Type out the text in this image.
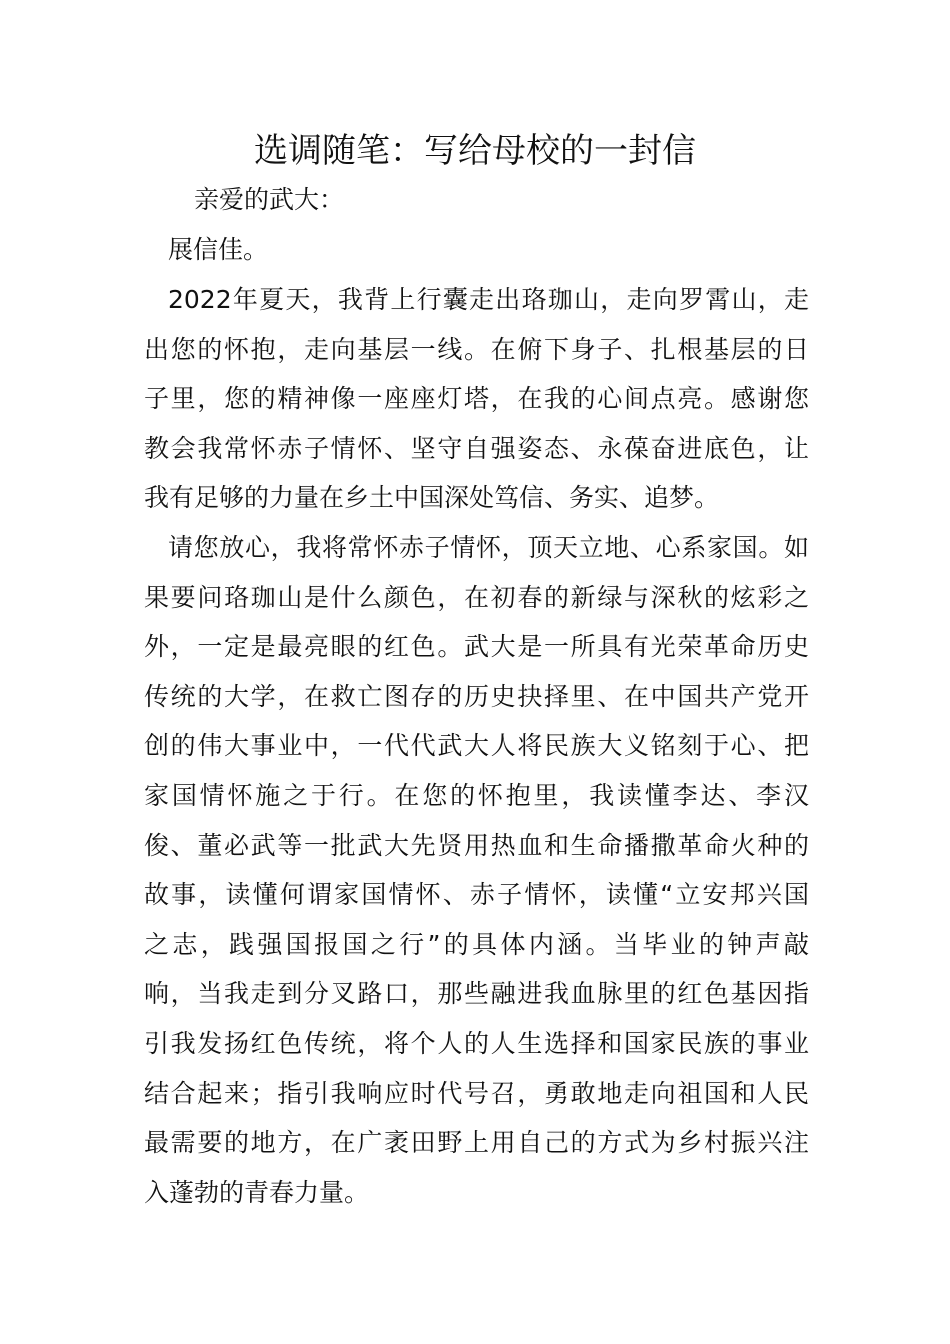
选调随笔：写给母校的一封信
亲爱的武大：
展信佳。
2022年夏天，我背上行囊走出珞珈山，走向罗霄山，走
出您的怀抱，走向基层一线。在俯下身子、扎根基层的日
子里，您的精神像一座座灯塔，在我的心间点亮。感谢您
教会我常怀赤子情怀、坚守自强姿态、永葆奋进底色，让
我有足够的力量在乡土中国深处笃信、务实、追梦。
请您放心，我将常怀赤子情怀，顶天立地、心系家国。如
果要问珞珈山是什么颜色，在初春的新绿与深秋的炫彩之
外，一定是最亮眼的红色。武大是一所具有光荣革命历史
传统的大学，在救亡图存的历史抉择里、在中国共产党开
创的伟大事业中，一代代武大人将民族大义铭刻于心、把
家国情怀施之于行。在您的怀抱里，我读懂李达、李汉
俊、董必武等一批武大先贤用热血和生命播撒革命火种的
故事，读懂何谓家国情怀、赤子情怀，读懂“立安邦兴国
之志，践强国报国之行”的具体内涵。当毕业的钟声敲
响，当我走到分叉路口，那些融进我血脉里的红色基因指
引我发扬红色传统，将个人的人生选择和国家民族的事业
结合起来；指引我响应时代号召，勇敢地走向祖国和人民
最需要的地方，在广袤田野上用自己的方式为乡村振兴注
入蓬勃的青春力量。
